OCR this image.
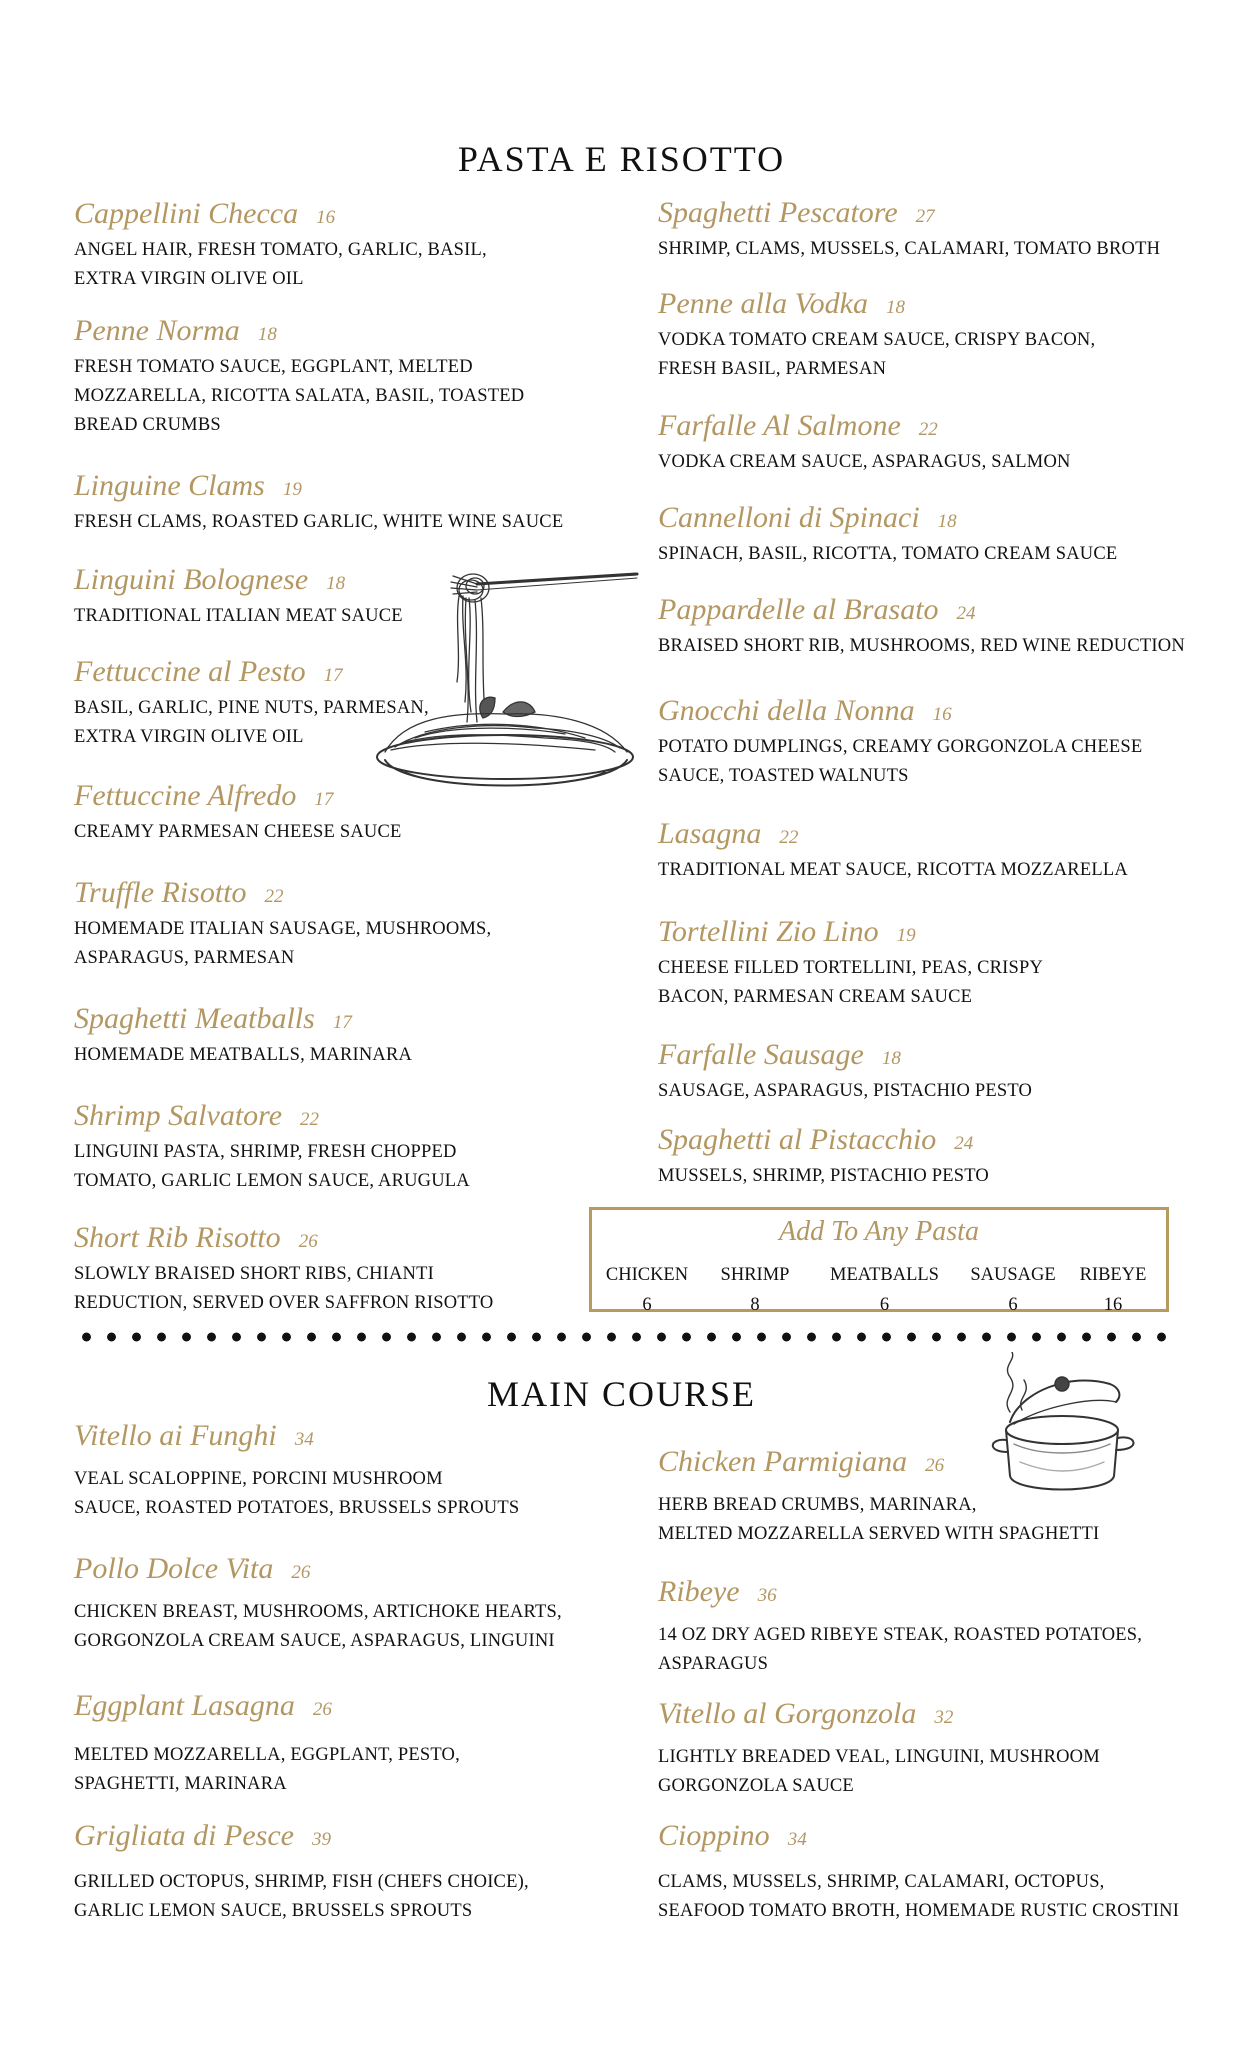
PASTA E RISOTTO
Cappellini Checca 16
ANGEL HAIR, FRESH TOMATO, GARLIC, BASIL,
EXTRA VIRGIN OLIVE OIL
Penne Norma 18
FRESH TOMATO SAUCE, EGGPLANT, MELTED
MOZZARELLA, RICOTTA SALATA, BASIL, TOASTED
BREAD CRUMBS
Linguine Clams 19
FRESH CLAMS, ROASTED GARLIC, WHITE WINE SAUCE
Linguini Bolognese 18
TRADITIONAL ITALIAN MEAT SAUCE
Fettuccine al Pesto 17
BASIL, GARLIC, PINE NUTS, PARMESAN,
EXTRA VIRGIN OLIVE OIL
Fettuccine Alfredo 17
CREAMY PARMESAN CHEESE SAUCE
Truffle Risotto 22
HOMEMADE ITALIAN SAUSAGE, MUSHROOMS,
ASPARAGUS, PARMESAN
Spaghetti Meatballs 17
HOMEMADE MEATBALLS, MARINARA
Shrimp Salvatore 22
LINGUINI PASTA, SHRIMP, FRESH CHOPPED
TOMATO, GARLIC LEMON SAUCE, ARUGULA
Short Rib Risotto 26
SLOWLY BRAISED SHORT RIBS, CHIANTI
REDUCTION, SERVED OVER SAFFRON RISOTTO
Spaghetti Pescatore 27
SHRIMP, CLAMS, MUSSELS, CALAMARI, TOMATO BROTH
Penne alla Vodka 18
VODKA TOMATO CREAM SAUCE, CRISPY BACON,
FRESH BASIL, PARMESAN
Farfalle Al Salmone 22
VODKA CREAM SAUCE, ASPARAGUS, SALMON
Cannelloni di Spinaci 18
SPINACH, BASIL, RICOTTA, TOMATO CREAM SAUCE
Pappardelle al Brasato 24
BRAISED SHORT RIB, MUSHROOMS, RED WINE REDUCTION
Gnocchi della Nonna 16
POTATO DUMPLINGS, CREAMY GORGONZOLA CHEESE
SAUCE, TOASTED WALNUTS
Lasagna 22
TRADITIONAL MEAT SAUCE, RICOTTA MOZZARELLA
Tortellini Zio Lino 19
CHEESE FILLED TORTELLINI, PEAS, CRISPY
BACON, PARMESAN CREAM SAUCE
Farfalle Sausage 18
SAUSAGE, ASPARAGUS, PISTACHIO PESTO
Spaghetti al Pistacchio 24
MUSSELS, SHRIMP, PISTACHIO PESTO
Add To Any Pasta
CHICKEN
6
SHRIMP
8
MEATBALLS
6
SAUSAGE
6
RIBEYE
16
MAIN COURSE
Vitello ai Funghi 34
VEAL SCALOPPINE, PORCINI MUSHROOM
SAUCE, ROASTED POTATOES, BRUSSELS SPROUTS
Pollo Dolce Vita 26
CHICKEN BREAST, MUSHROOMS, ARTICHOKE HEARTS,
GORGONZOLA CREAM SAUCE, ASPARAGUS, LINGUINI
Eggplant Lasagna 26
MELTED MOZZARELLA, EGGPLANT, PESTO,
SPAGHETTI, MARINARA
Grigliata di Pesce 39
GRILLED OCTOPUS, SHRIMP, FISH (CHEFS CHOICE),
GARLIC LEMON SAUCE, BRUSSELS SPROUTS
Chicken Parmigiana 26
HERB BREAD CRUMBS, MARINARA,
MELTED MOZZARELLA SERVED WITH SPAGHETTI
Ribeye 36
14 OZ DRY AGED RIBEYE STEAK, ROASTED POTATOES,
ASPARAGUS
Vitello al Gorgonzola 32
LIGHTLY BREADED VEAL, LINGUINI, MUSHROOM
GORGONZOLA SAUCE
Cioppino 34
CLAMS, MUSSELS, SHRIMP, CALAMARI, OCTOPUS,
SEAFOOD TOMATO BROTH, HOMEMADE RUSTIC CROSTINI
